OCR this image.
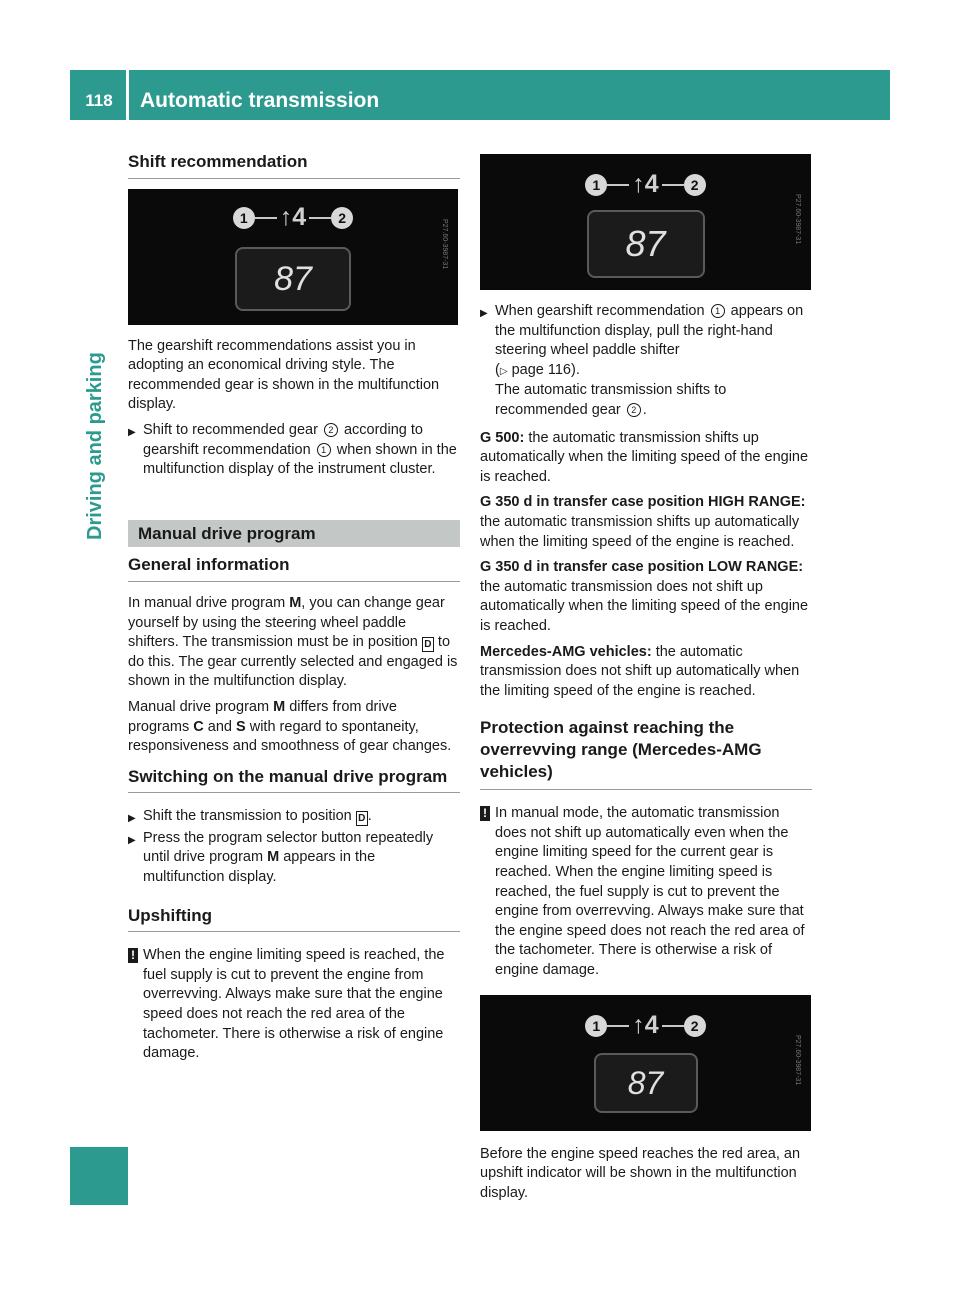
118	Automatic transmission
Shift recommendation
1 ↑4	2
87
P27.60-3987-31

The gearshift recommendations assist you in adopting an economical driving style. The recommended gear is shown in the multifunction display.

▶ Shift to recommended gear 2 according to gearshift recommendation 1 when shown in the multifunction display of the instrument cluster.
Manual drive program
General information

In manual drive program M, you can change gear yourself by using the steering wheel paddle shifters. The transmission must be in position D to do this. The gear currently selected and engaged is shown in the multifunction display.

Manual drive program M differs from drive programs C and S with regard to spontaneity, responsiveness and smoothness of gear changes.

Switching on the manual drive program
▶ Shift the transmission to position D .
▶ Press the program selector button repeatedly until drive program M appears in the multifunction display.
Upshifting
! When the engine limiting speed is reached, the fuel supply is cut to prevent the engine from overrevving. Always make sure that the engine speed does not reach the red area of the tachometer. There is otherwise a risk of engine damage.
1 ↑4	2
87	P27.60-3987-31
▶ When gearshift recommendation 1 appears on the multifunction display, pull the right-hand steering wheel paddle shifter
(▷ page 116).
The automatic transmission shifts to recommended gear 2 .

G 500: the automatic transmission shifts up automatically when the limiting speed of the engine is reached.

G 350 d in transfer case position HIGH RANGE: the automatic transmission shifts up automatically when the limiting speed of the engine is reached.

G 350 d in transfer case position LOW RANGE: the automatic transmission does not shift up automatically when the limiting speed of the engine is reached.

Mercedes-AMG vehicles: the automatic transmission does not shift up automatically when the limiting speed of the engine is reached.

Protection against reaching the overrevving range (Mercedes-AMG vehicles)
! In manual mode, the automatic transmission does not shift up automatically even when the engine limiting speed for the current gear is reached. When the engine limiting speed is reached, the fuel supply is cut to prevent the engine from overrevving. Always make sure that the engine speed does not reach the red area of the tachometer. There is otherwise a risk of engine damage.
1 ↑4	2
87	P27.60-3987-31

Before the engine speed reaches the red area, an upshift indicator will be shown in the multifunction display.
